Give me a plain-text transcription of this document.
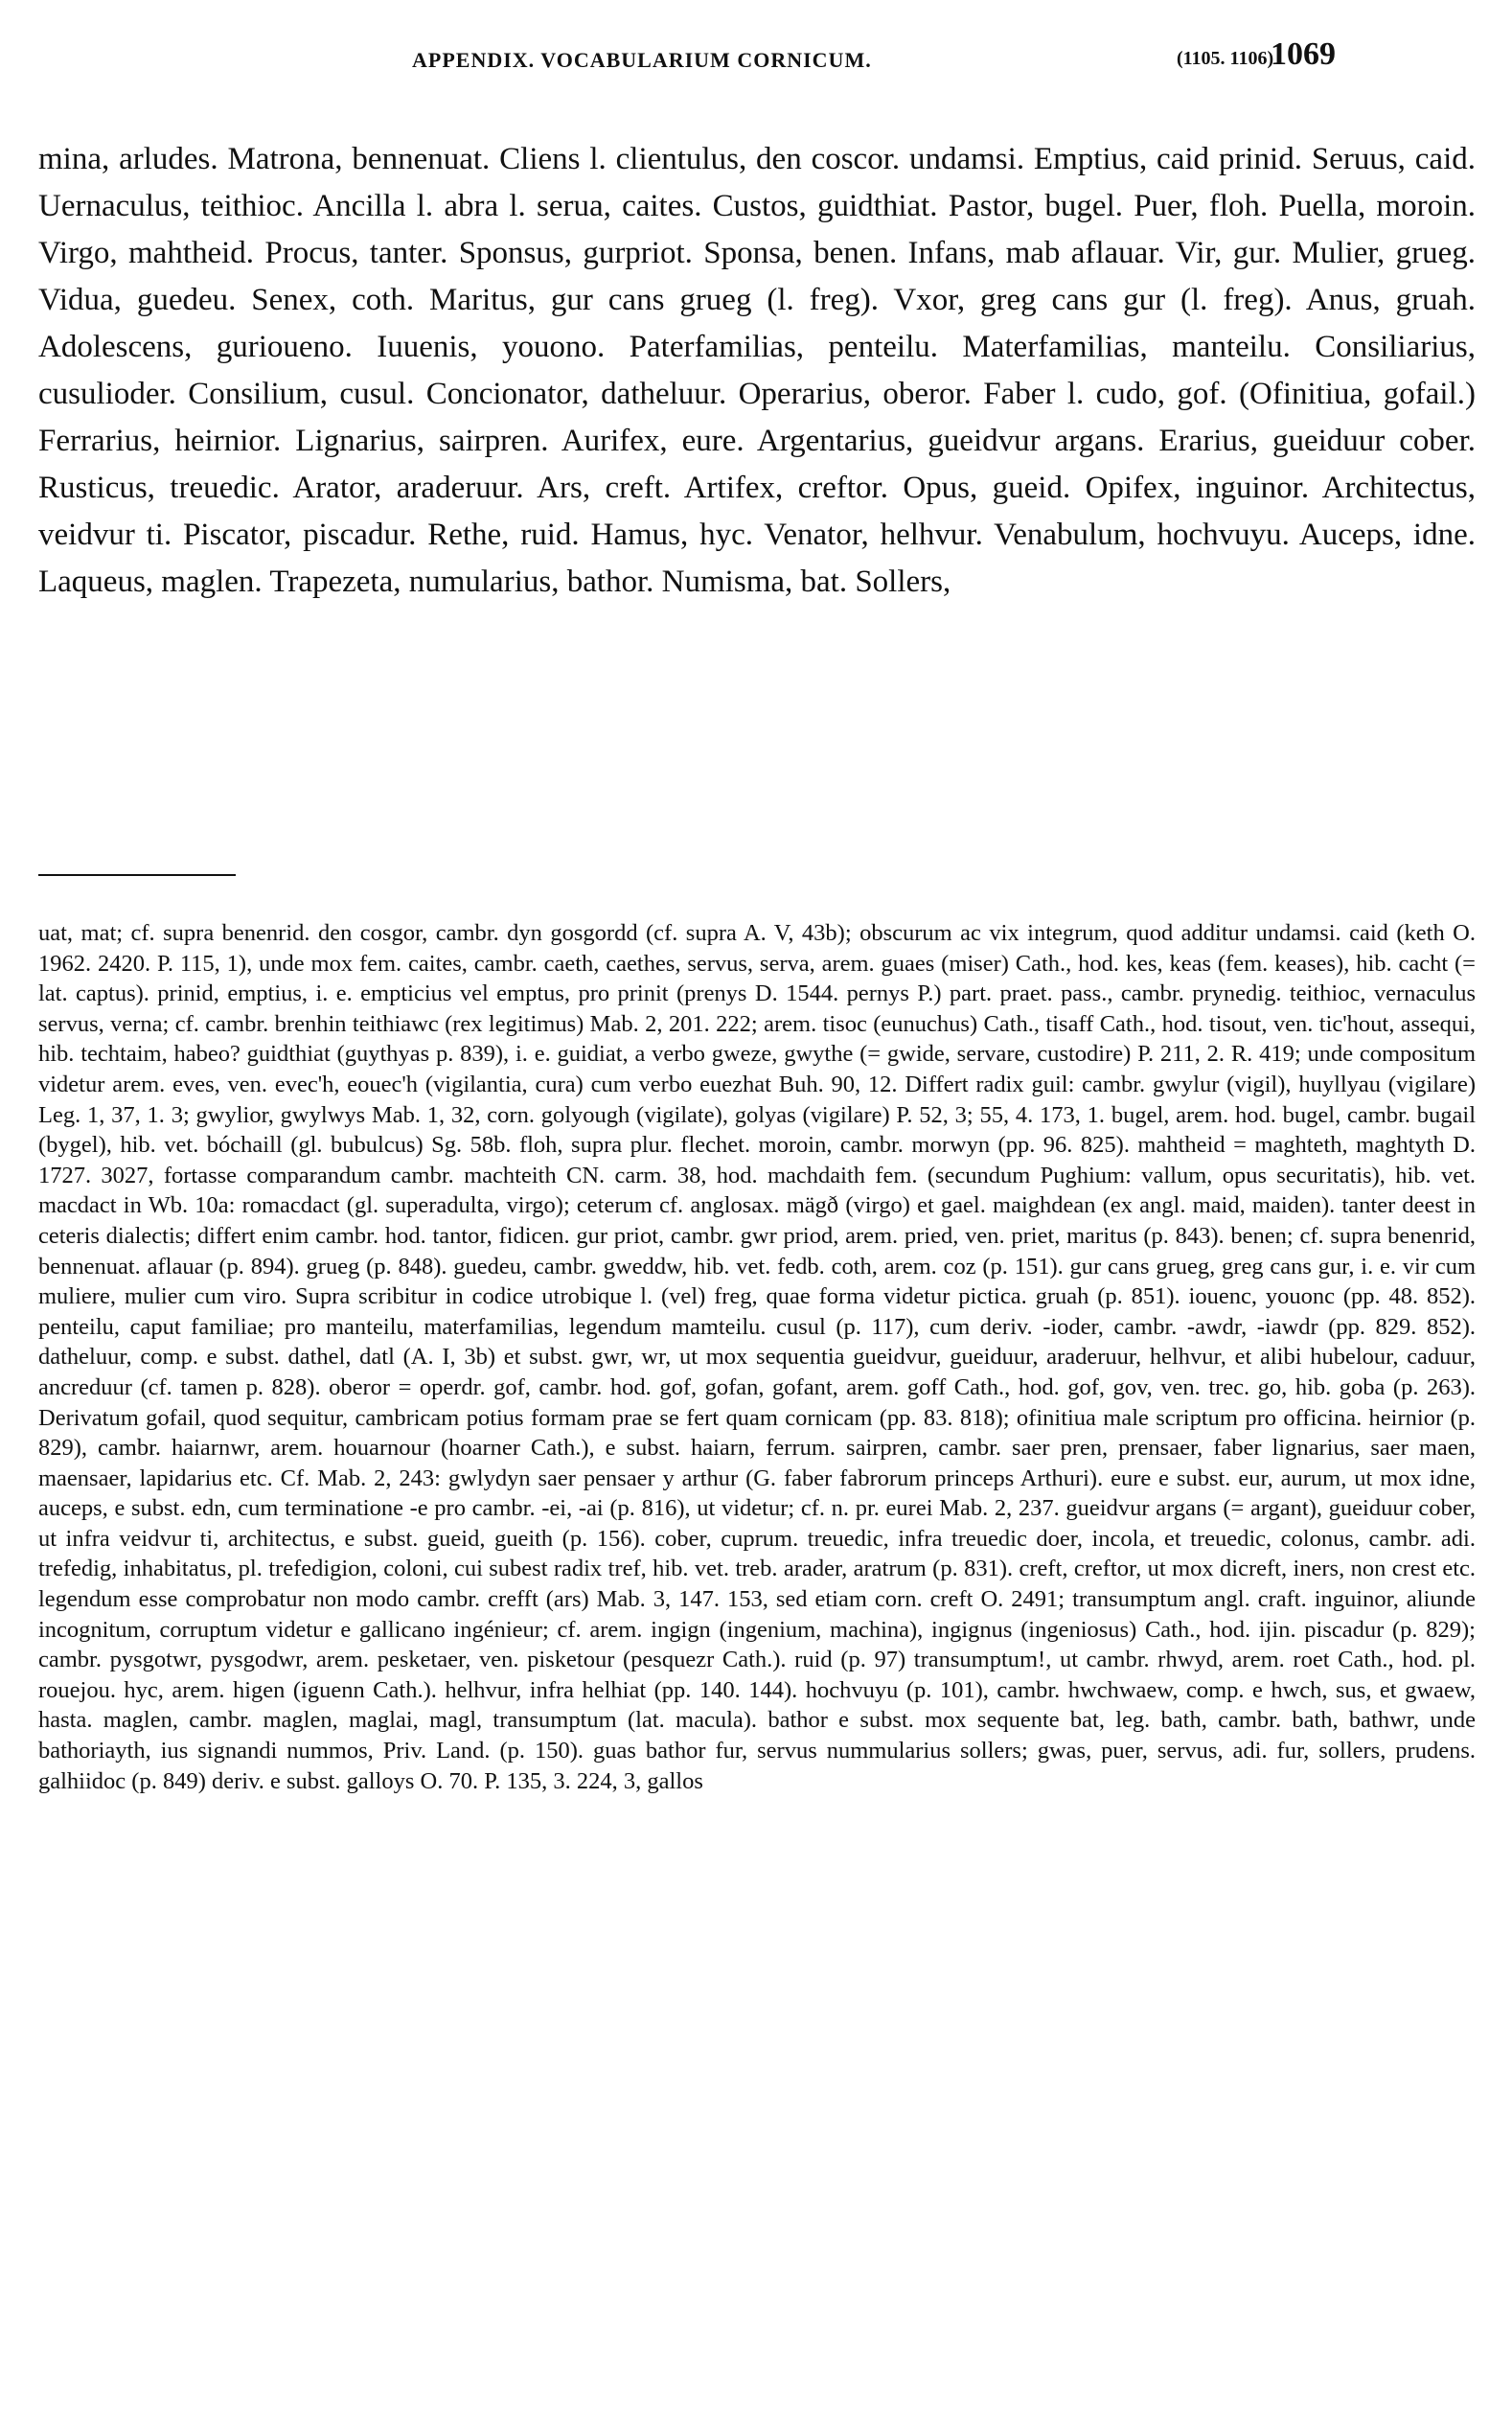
APPENDIX. VOCABULARIUM CORNICUM.	(1105. 1106)
1069

mina, arludes. Matrona, bennenuat. Cliens l. clientulus, den coscor. undamsi. Emptius, caid prinid. Seruus, caid. Uernaculus, teithioc. Ancilla l. abra l. serua, caites. Custos, guidthiat. Pastor, bugel. Puer, floh. Puella, moroin. Virgo, mahtheid. Procus, tanter. Sponsus, gurpriot. Sponsa, benen. Infans, mab aflauar. Vir, gur. Mulier, grueg. Vidua, guedeu. Senex, coth. Maritus, gur cans grueg (l. freg). Vxor, greg cans gur (l. freg). Anus, gruah. Adolescens, gurioueno. Iuuenis, youono. Paterfamilias, penteilu. Materfamilias, manteilu. Consiliarius, cusulioder. Consilium, cusul. Concionator, datheluur. Operarius, oberor. Faber l. cudo, gof. (Ofinitiua, gofail.) Ferrarius, heirnior. Lignarius, sairpren. Aurifex, eure. Argentarius, gueidvur argans. Erarius, gueiduur cober. Rusticus, treuedic. Arator, araderuur. Ars, creft. Artifex, creftor. Opus, gueid. Opifex, inguinor. Architectus, veidvur ti. Piscator, piscadur. Rethe, ruid. Hamus, hyc. Venator, helhvur. Venabulum, hochvuyu. Auceps, idne. Laqueus, maglen. Trapezeta, numularius, bathor. Numisma, bat. Sollers,

uat, mat; cf. supra benenrid. den cosgor, cambr. dyn gosgordd (cf. supra A. V, 43b); obscurum ac vix integrum, quod additur undamsi. caid (keth O. 1962. 2420. P. 115, 1), unde mox fem. caites, cambr. caeth, caethes, servus, serva, arem. guaes (miser) Cath., hod. kes, keas (fem. keases), hib. cacht (= lat. captus). prinid, emptius, i. e. empticius vel emptus, pro prinit (prenys D. 1544. pernys P.) part. praet. pass., cambr. prynedig. teithioc, vernaculus servus, verna; cf. cambr. brenhin teithiawc (rex legitimus) Mab. 2, 201. 222; arem. tisoc (eunuchus) Cath., tisaff Cath., hod. tisout, ven. tic'hout, assequi, hib. techtaim, habeo? guidthiat (guythyas p. 839), i. e. guidiat, a verbo gweze, gwythe (= gwide, servare, custodire) P. 211, 2. R. 419; unde compositum videtur arem. eves, ven. evec'h, eouec'h (vigilantia, cura) cum verbo euezhat Buh. 90, 12. Differt radix guil: cambr. gwylur (vigil), huyllyau (vigilare) Leg. 1, 37, 1. 3; gwylior, gwylwys Mab. 1, 32, corn. golyough (vigilate), golyas (vigilare) P. 52, 3; 55, 4. 173, 1. bugel, arem. hod. bugel, cambr. bugail (bygel), hib. vet. bóchaill (gl. bubulcus) Sg. 58b. floh, supra plur. flechet. moroin, cambr. morwyn (pp. 96. 825). mahtheid = maghteth, maghtyth D. 1727. 3027, fortasse comparandum cambr. machteith CN. carm. 38, hod. machdaith fem. (secundum Pughium: vallum, opus securitatis), hib. vet. macdact in Wb. 10a: romacdact (gl. superadulta, virgo); ceterum cf. anglosax. mägð (virgo) et gael. maighdean (ex angl. maid, maiden). tanter deest in ceteris dialectis; differt enim cambr. hod. tantor, fidicen. gur priot, cambr. gwr priod, arem. pried, ven. priet, maritus (p. 843). benen; cf. supra benenrid, bennenuat. aflauar (p. 894). grueg (p. 848). guedeu, cambr. gweddw, hib. vet. fedb. coth, arem. coz (p. 151). gur cans grueg, greg cans gur, i. e. vir cum muliere, mulier cum viro. Supra scribitur in codice utrobique l. (vel) freg, quae forma videtur pictica. gruah (p. 851). iouenc, youonc (pp. 48. 852). penteilu, caput familiae; pro manteilu, materfamilias, legendum mamteilu. cusul (p. 117), cum deriv. -ioder, cambr. -awdr, -iawdr (pp. 829. 852). datheluur, comp. e subst. dathel, datl (A. I, 3b) et subst. gwr, wr, ut mox sequentia gueidvur, gueiduur, araderuur, helhvur, et alibi hubelour, caduur, ancreduur (cf. tamen p. 828). oberor = operdr. gof, cambr. hod. gof, gofan, gofant, arem. goff Cath., hod. gof, gov, ven. trec. go, hib. goba (p. 263). Derivatum gofail, quod sequitur, cambricam potius formam prae se fert quam cornicam (pp. 83. 818); ofinitiua male scriptum pro officina. heirnior (p. 829), cambr. haiarnwr, arem. houarnour (hoarner Cath.), e subst. haiarn, ferrum. sairpren, cambr. saer pren, prensaer, faber lignarius, saer maen, maensaer, lapidarius etc. Cf. Mab. 2, 243: gwlydyn saer pensaer y arthur (G. faber fabrorum princeps Arthuri). eure e subst. eur, aurum, ut mox idne, auceps, e subst. edn, cum terminatione -e pro cambr. -ei, -ai (p. 816), ut videtur; cf. n. pr. eurei Mab. 2, 237. gueidvur argans (= argant), gueiduur cober, ut infra veidvur ti, architectus, e subst. gueid, gueith (p. 156). cober, cuprum. treuedic, infra treuedic doer, incola, et treuedic, colonus, cambr. adi. trefedig, inhabitatus, pl. trefedigion, coloni, cui subest radix tref, hib. vet. treb. arader, aratrum (p. 831). creft, creftor, ut mox dicreft, iners, non crest etc. legendum esse comprobatur non modo cambr. crefft (ars) Mab. 3, 147. 153, sed etiam corn. creft O. 2491; transumptum angl. craft. inguinor, aliunde incognitum, corruptum videtur e gallicano ingénieur; cf. arem. ingign (ingenium, machina), ingignus (ingeniosus) Cath., hod. ijin. piscadur (p. 829); cambr. pysgotwr, pysgodwr, arem. pesketaer, ven. pisketour (pesquezr Cath.). ruid (p. 97) transumptum!, ut cambr. rhwyd, arem. roet Cath., hod. pl. rouejou. hyc, arem. higen (iguenn Cath.). helhvur, infra helhiat (pp. 140. 144). hochvuyu (p. 101), cambr. hwchwaew, comp. e hwch, sus, et gwaew, hasta. maglen, cambr. maglen, maglai, magl, transumptum (lat. macula). bathor e subst. mox sequente bat, leg. bath, cambr. bath, bathwr, unde bathoriayth, ius signandi nummos, Priv. Land. (p. 150). guas bathor fur, servus nummularius sollers; gwas, puer, servus, adi. fur, sollers, prudens. galhiidoc (p. 849) deriv. e subst. galloys O. 70. P. 135, 3. 224, 3, gallos
